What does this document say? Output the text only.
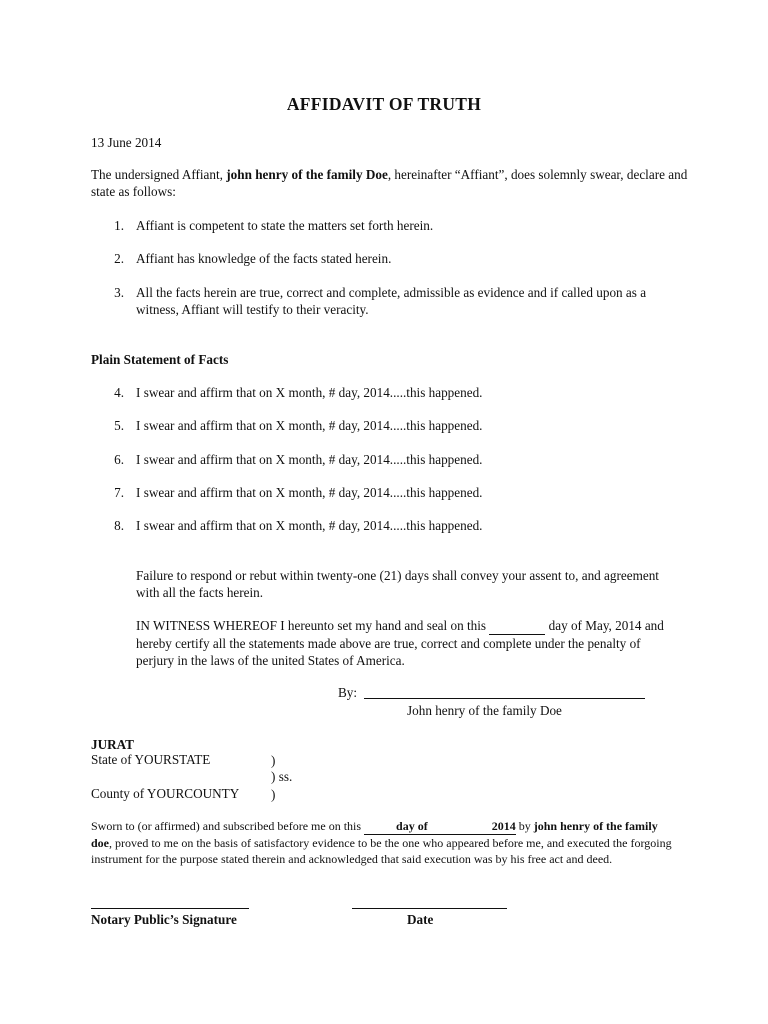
AFFIDAVIT OF TRUTH
13 June 2014
The undersigned Affiant, john henry of the family Doe, hereinafter “Affiant”, does solemnly swear, declare and state as follows:
1. Affiant is competent to state the matters set forth herein.
2. Affiant has knowledge of the facts stated herein.
3. All the facts herein are true, correct and complete, admissible as evidence and if called upon as a witness, Affiant will testify to their veracity.
Plain Statement of Facts
4. I swear and affirm that on X month, # day, 2014.....this happened.
5. I swear and affirm that on X month, # day, 2014.....this happened.
6. I swear and affirm that on X month, # day, 2014.....this happened.
7. I swear and affirm that on X month, # day, 2014.....this happened.
8. I swear and affirm that on X month, # day, 2014.....this happened.
Failure to respond or rebut within twenty-one (21) days shall convey your assent to, and agreement with all the facts herein.
IN WITNESS WHEREOF I hereunto set my hand and seal on this	day of May, 2014 and hereby certify all the statements made above are true, correct and complete under the penalty of perjury in the laws of the united States of America.
By:
John henry of the family Doe
JURAT
State of YOURSTATE	)
) ss.
County of YOURCOUNTY )
Sworn to (or affirmed) and subscribed before me on this	day of	2014 by john henry of the family doe, proved to me on the basis of satisfactory evidence to be the one who appeared before me, and executed the forgoing instrument for the purpose stated therein and acknowledged that said execution was by his free act and deed.
Notary Public’s Signature	Date
